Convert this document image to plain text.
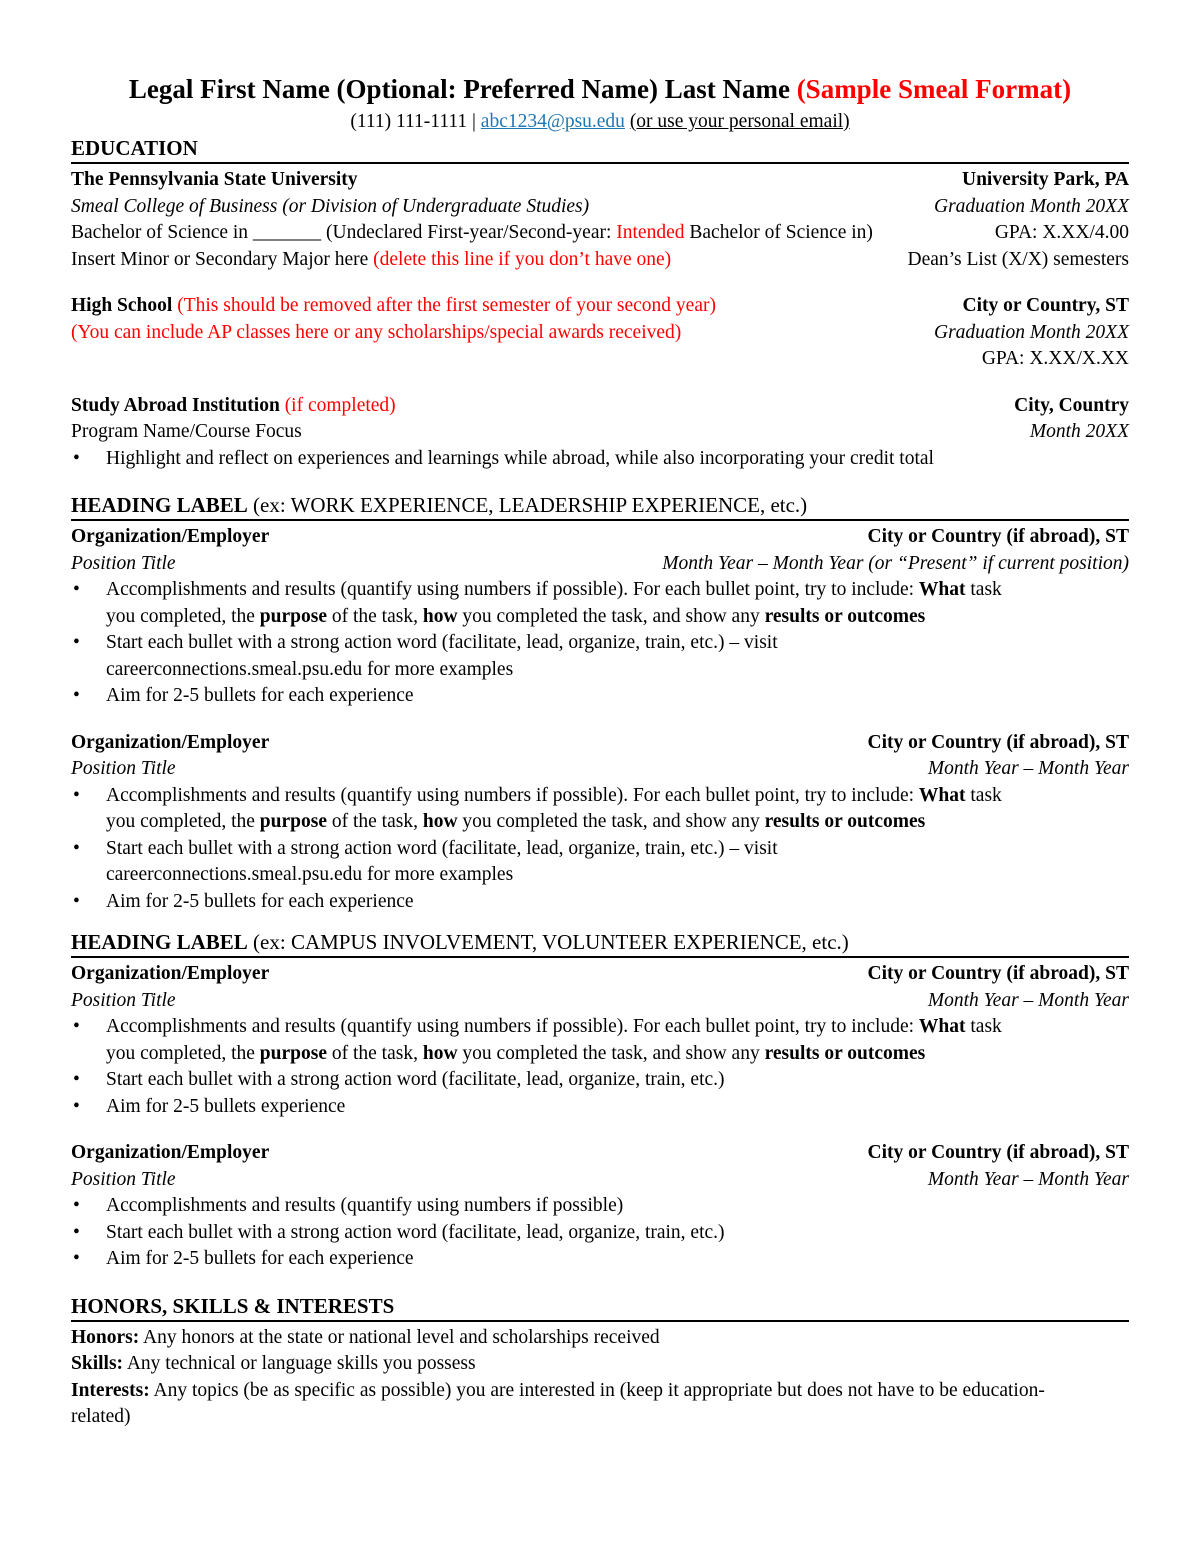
Legal First Name (Optional: Preferred Name) Last Name (Sample Smeal Format)
(111) 111-1111 | abc1234@psu.edu (or use your personal email)
EDUCATION
The Pennsylvania State University	University Park, PA
Smeal College of Business (or Division of Undergraduate Studies)	Graduation Month 20XX
Bachelor of Science in _______ (Undeclared First-year/Second-year: Intended Bachelor of Science in)	GPA: X.XX/4.00
Insert Minor or Secondary Major here (delete this line if you don’t have one)	Dean’s List (X/X) semesters
High School (This should be removed after the first semester of your second year)	City or Country, ST
(You can include AP classes here or any scholarships/special awards received)	Graduation Month 20XX
GPA: X.XX/X.XX
Study Abroad Institution (if completed)	City, Country
Program Name/Course Focus	Month 20XX
•	Highlight and reflect on experiences and learnings while abroad, while also incorporating your credit total
HEADING LABEL (ex: WORK EXPERIENCE, LEADERSHIP EXPERIENCE, etc.)
Organization/Employer	City or Country (if abroad), ST
Position Title	Month Year – Month Year (or “Present” if current position)
•	Accomplishments and results (quantify using numbers if possible). For each bullet point, try to include: What task
you completed, the purpose of the task, how you completed the task, and show any results or outcomes
•	Start each bullet with a strong action word (facilitate, lead, organize, train, etc.) – visit
careerconnections.smeal.psu.edu for more examples
•	Aim for 2-5 bullets for each experience
Organization/Employer	City or Country (if abroad), ST
Position Title	Month Year – Month Year
•	Accomplishments and results (quantify using numbers if possible). For each bullet point, try to include: What task
you completed, the purpose of the task, how you completed the task, and show any results or outcomes
•	Start each bullet with a strong action word (facilitate, lead, organize, train, etc.) – visit
careerconnections.smeal.psu.edu for more examples
•	Aim for 2-5 bullets for each experience
HEADING LABEL (ex: CAMPUS INVOLVEMENT, VOLUNTEER EXPERIENCE, etc.)
Organization/Employer	City or Country (if abroad), ST
Position Title	Month Year – Month Year
•	Accomplishments and results (quantify using numbers if possible). For each bullet point, try to include: What task
you completed, the purpose of the task, how you completed the task, and show any results or outcomes
•	Start each bullet with a strong action word (facilitate, lead, organize, train, etc.)
•	Aim for 2-5 bullets experience
Organization/Employer	City or Country (if abroad), ST
Position Title	Month Year – Month Year
•	Accomplishments and results (quantify using numbers if possible)
•	Start each bullet with a strong action word (facilitate, lead, organize, train, etc.)
•	Aim for 2-5 bullets for each experience
HONORS, SKILLS & INTERESTS
Honors: Any honors at the state or national level and scholarships received
Skills: Any technical or language skills you possess
Interests: Any topics (be as specific as possible) you are interested in (keep it appropriate but does not have to be education-related)
